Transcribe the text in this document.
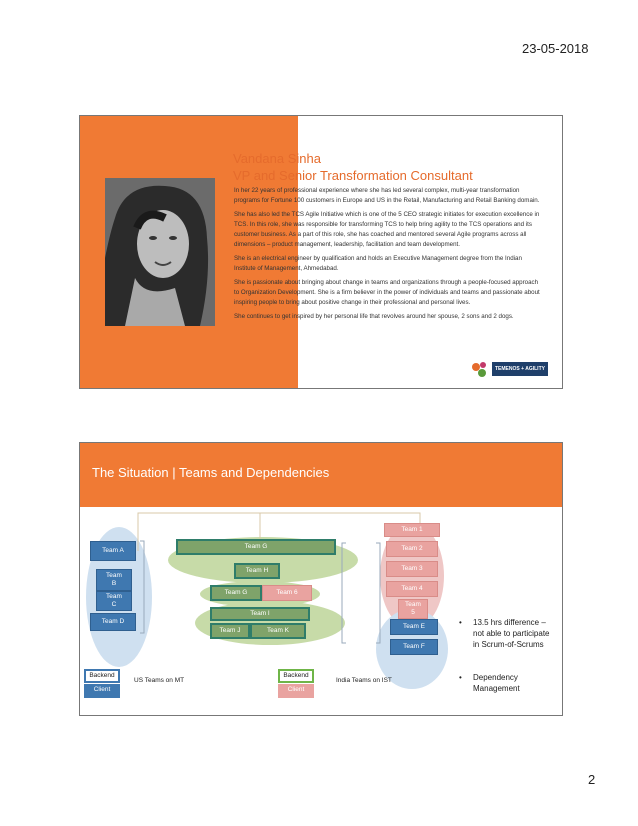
23-05-2018
Vandana Sinha
VP and Senior Transformation Consultant

In her 22 years of professional experience where she has led several complex, multi-year transformation programs for Fortune 100 customers in Europe and US in the Retail, Manufacturing and Retail Banking domain.

She has also led the TCS Agile Initiative which is one of the 5 CEO strategic initiates for execution excellence in TCS. In this role, she was responsible for transforming TCS to help bring agility to the TCS operations and its customer business. As a part of this role, she has coached and mentored several Agile programs across all dimensions – product management, leadership, facilitation and team development.

She is an electrical engineer by qualification and holds an Executive Management degree from the Indian Institute of Management, Ahmedabad.

She is passionate about bringing about change in teams and organizations through a people-focused approach to Organization Development. She is a firm believer in the power of individuals and teams and passionate about inspiring people to bring about positive change in their professional and personal lives.

She continues to get inspired by her personal life that revolves around her spouse, 2 sons and 2 dogs.

TEMENOS + AGILITY
The Situation | Teams and Dependencies
Team A
Team B
Team C
Team D
Team G
Team H
Team G	Team 6
Team I
Team J	Team K
Team 1
Team 2
Team 3
Team 4
Team 5
Team E
Team F
Backend
Client
US Teams on MT
Backend
Client
India Teams on IST
• 13.5 hrs difference – not able to participate in Scrum-of-Scrums
• Dependency Management
2
